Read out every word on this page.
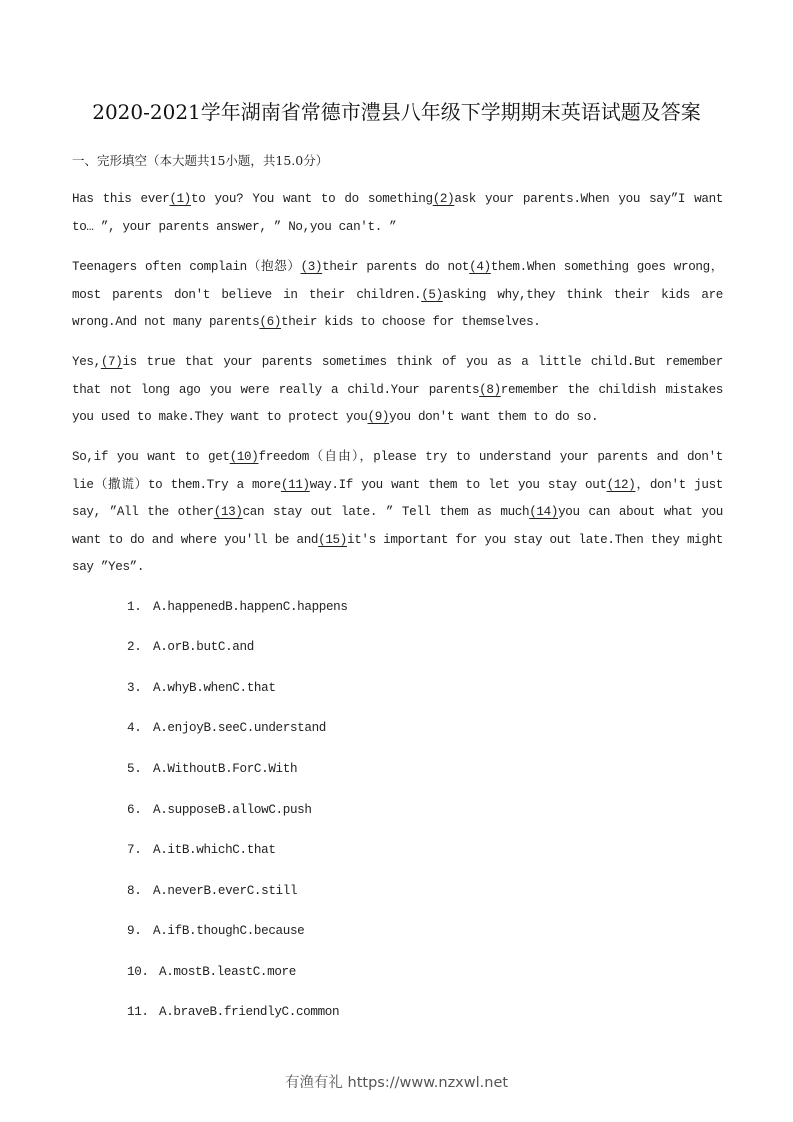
2020-2021学年湖南省常德市澧县八年级下学期期末英语试题及答案
一、完形填空（本大题共15小题，共15.0分）
Has this ever(1)to you? You want to do something(2)ask your parents.When you say”I want to… ”, your parents answer, ” No,you can't. ”
Teenagers often complain（抱怨）(3)their parents do not(4)them.When something goes wrong，most parents don't believe in their children.(5)asking why,they think their kids are wrong.And not many parents(6)their kids to choose for themselves.
Yes,(7)is true that your parents sometimes think of you as a little child.But remember that not long ago you were really a child.Your parents(8)remember the childish mistakes you used to make.They want to protect you(9)you don't want them to do so.
So,if you want to get(10)freedom（自由），please try to understand your parents and don't lie（撒谎）to them.Try a more(11)way.If you want them to let you stay out(12)，don't just say, ”All the other(13)can stay out late. ” Tell them as much(14)you can about what you want to do and where you'll be and(15)it's important for you stay out late.Then they might say ”Yes”.
1. A.happenedB.happenC.happens
2. A.orB.butC.and
3. A.whyB.whenC.that
4. A.enjoyB.seeC.understand
5. A.WithoutB.ForC.With
6. A.supposeB.allowC.push
7. A.itB.whichC.that
8. A.neverB.everC.still
9. A.ifB.thoughC.because
10. A.mostB.leastC.more
11. A.braveB.friendlyC.common
有渔有礼 https://www.nzxwl.net
